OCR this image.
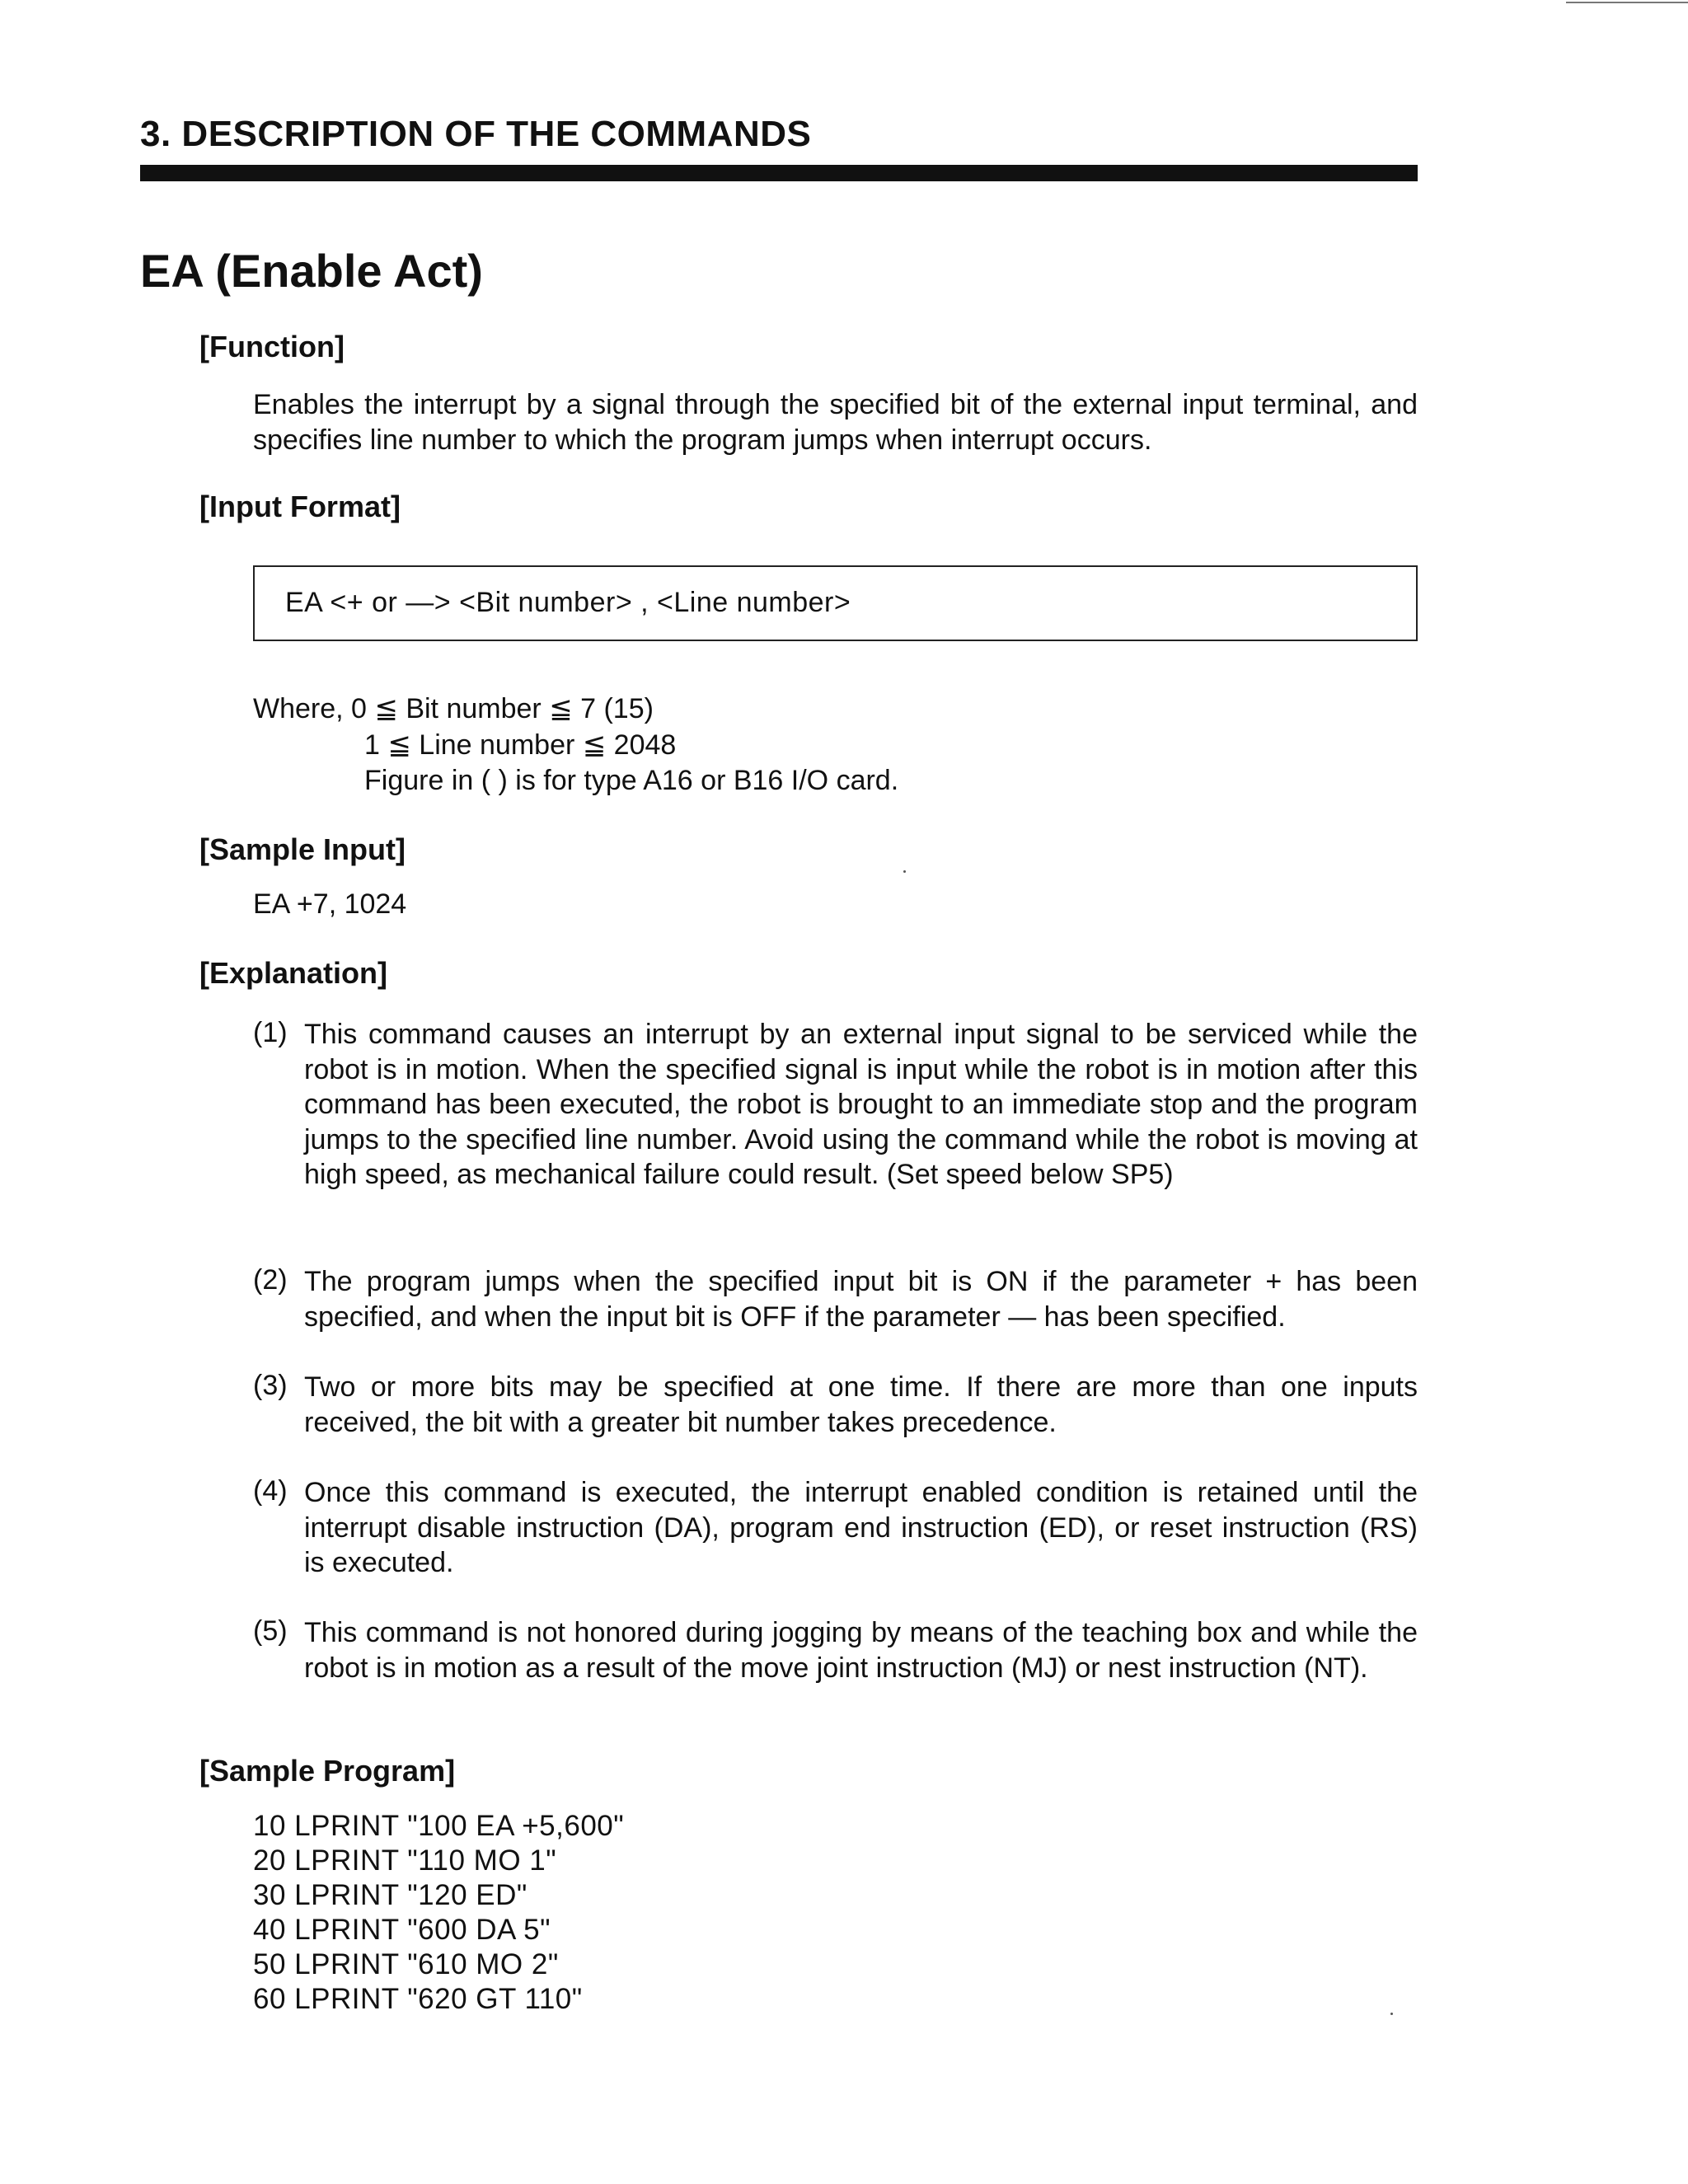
3. DESCRIPTION OF THE COMMANDS
EA (Enable Act)
[Function]
Enables the interrupt by a signal through the specified bit of the external input terminal, and specifies line number to which the program jumps when interrupt occurs.
[Input Format]
EA <+ or —> <Bit number> , <Line number>
Where, 0 ≦ Bit number ≦ 7 (15)
1 ≦ Line number ≦ 2048
Figure in ( ) is for type A16 or B16 I/O card.
[Sample Input]
EA +7, 1024
[Explanation]
(1) This command causes an interrupt by an external input signal to be serviced while the robot is in motion. When the specified signal is input while the robot is in motion after this command has been executed, the robot is brought to an immediate stop and the program jumps to the specified line number. Avoid using the command while the robot is moving at high speed, as mechanical failure could result. (Set speed below SP5)
(2) The program jumps when the specified input bit is ON if the parameter + has been specified, and when the input bit is OFF if the parameter — has been specified.
(3) Two or more bits may be specified at one time. If there are more than one inputs received, the bit with a greater bit number takes precedence.
(4) Once this command is executed, the interrupt enabled condition is retained until the interrupt disable instruction (DA), program end instruction (ED), or reset instruction (RS) is executed.
(5) This command is not honored during jogging by means of the teaching box and while the robot is in motion as a result of the move joint instruction (MJ) or nest instruction (NT).
[Sample Program]
10 LPRINT "100 EA +5,600"
20 LPRINT "110 MO 1"
30 LPRINT "120 ED"
40 LPRINT "600 DA 5"
50 LPRINT "610 MO 2"
60 LPRINT "620 GT 110"
